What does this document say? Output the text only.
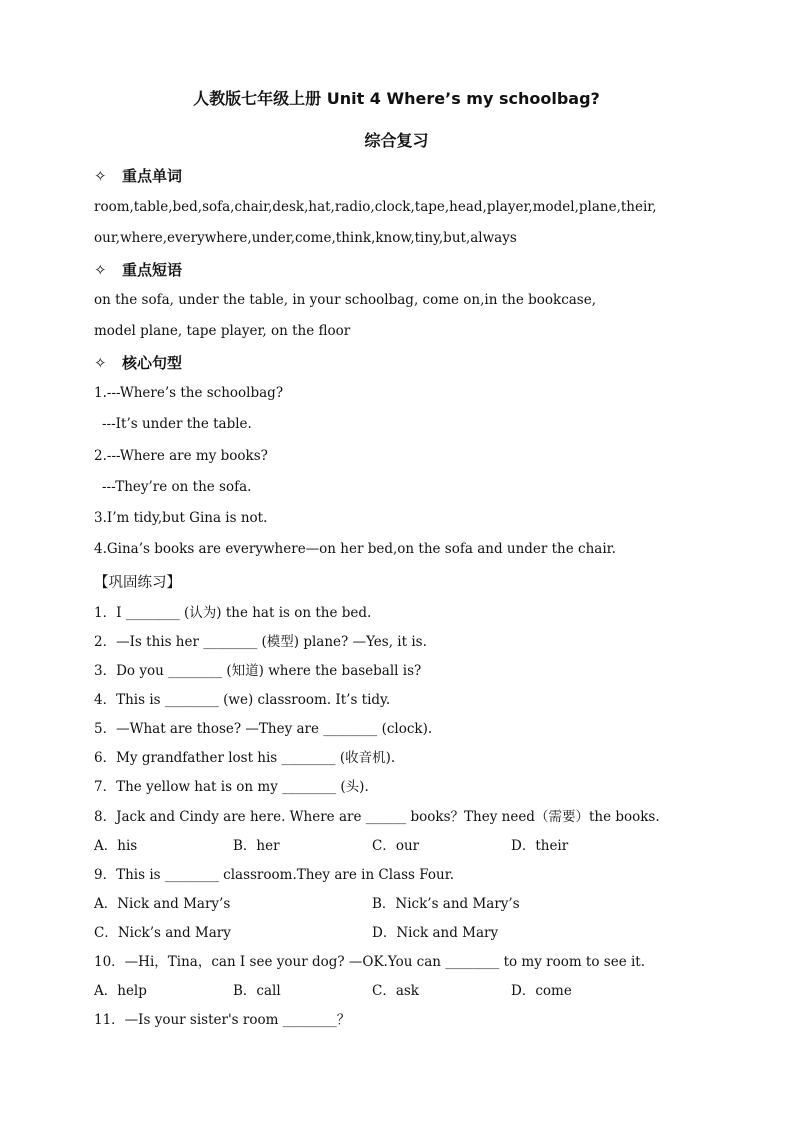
人教版七年级上册 Unit 4 Where’s my schoolbag?
综合复习
✧ 重点单词
room,table,bed,sofa,chair,desk,hat,radio,clock,tape,head,player,model,plane,their,
our,where,everywhere,under,come,think,know,tiny,but,always
✧ 重点短语
on the sofa, under the table, in your schoolbag, come on,in the bookcase,
model plane, tape player, on the floor
✧ 核心句型
1.---Where’s the schoolbag?
---It’s under the table.
2.---Where are my books?
---They’re on the sofa.
3.I’m tidy,but Gina is not.
4.Gina’s books are everywhere—on her bed,on the sofa and under the chair.
【巩固练习】
1．I ________ (认为) the hat is on the bed.
2．—Is this her ________ (模型) plane? —Yes, it is.
3．Do you ________ (知道) where the baseball is?
4．This is ________ (we) classroom. It’s tidy.
5．—What are those? —They are ________ (clock).
6．My grandfather lost his ________ (收音机).
7．The yellow hat is on my ________ (头).
8．Jack and Cindy are here. Where are ______ books？They need（需要）the books.
A．his	B．her	C．our	D．their
9．This is ________ classroom.They are in Class Four.
A．Nick and Mary’s	B．Nick’s and Mary’s
C．Nick’s and Mary	D．Nick and Mary
10．—Hi，Tina，can I see your dog? —OK.You can ________ to my room to see it.
A．help	B．call	C．ask	D．come
11．—Is your sister's room ________？
